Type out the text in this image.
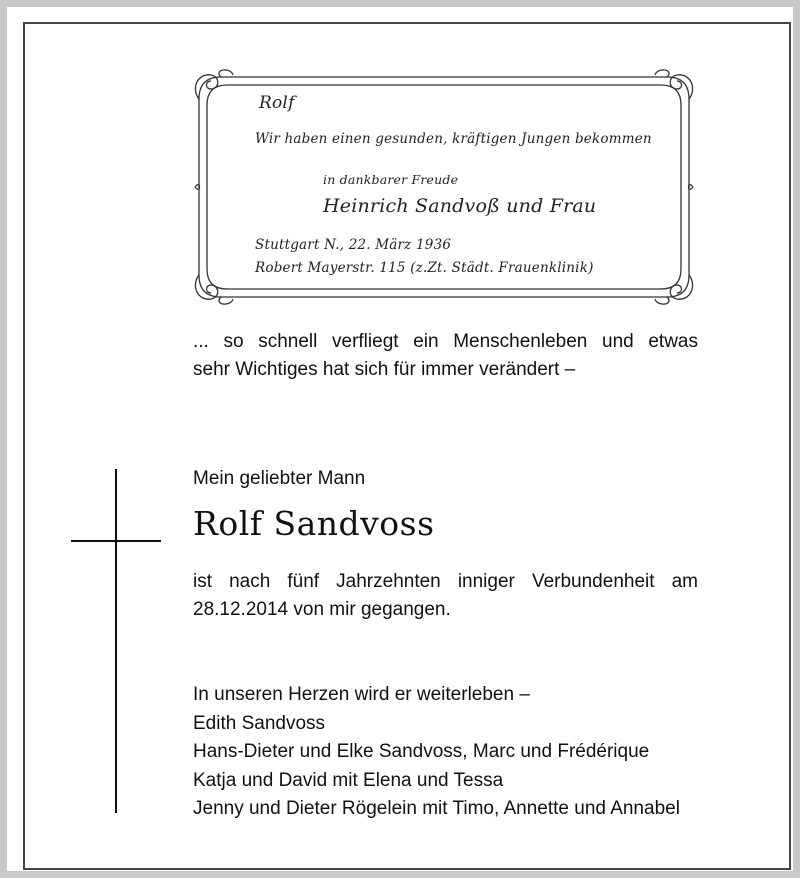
Rolf
Wir haben einen gesunden, kräftigen Jungen bekommen
in dankbarer Freude
Heinrich Sandvoß und Frau
Stuttgart N., 22. März 1936
Robert Mayerstr. 115 (z.Zt. Städt. Frauenklinik)

... so schnell verfliegt ein Menschenleben und etwas

sehr Wichtiges hat sich für immer verändert –

Mein geliebter Mann
Rolf Sandvoss
ist nach fünf Jahrzehnten inniger Verbundenheit am
28.12.2014 von mir gegangen.
In unseren Herzen wird er weiterleben –
Edith Sandvoss
Hans-Dieter und Elke Sandvoss, Marc und Frédérique
Katja und David mit Elena und Tessa
Jenny und Dieter Rögelein mit Timo, Annette und Annabel
